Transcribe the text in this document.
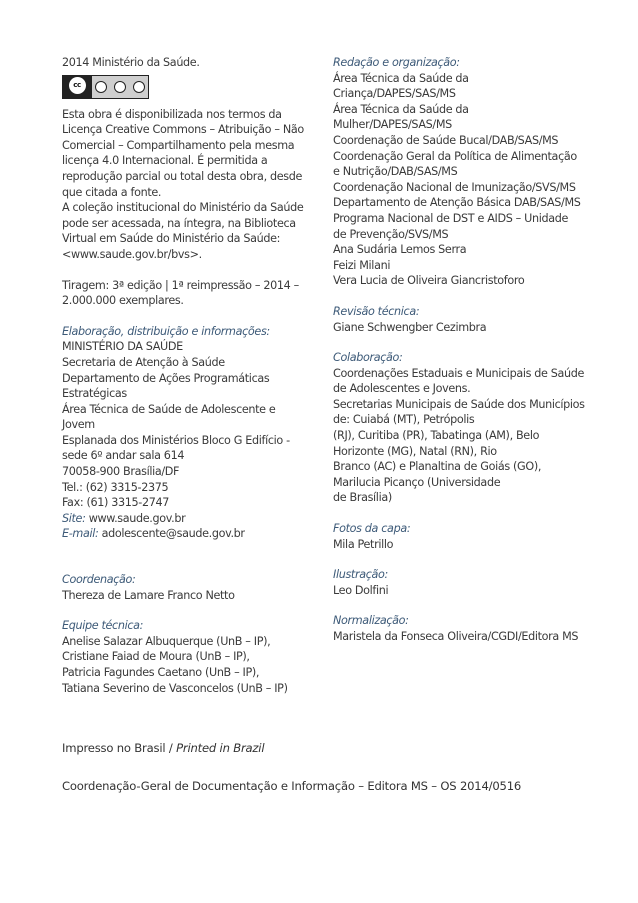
2014 Ministério da Saúde.
cc
Esta obra é disponibilizada nos termos da
Licença Creative Commons – Atribuição – Não
Comercial – Compartilhamento pela mesma
licença 4.0 Internacional. É permitida a
reprodução parcial ou total desta obra, desde
que citada a fonte.
A coleção institucional do Ministério da Saúde
pode ser acessada, na íntegra, na Biblioteca
Virtual em Saúde do Ministério da Saúde:
<www.saude.gov.br/bvs>.
Tiragem: 3ª edição | 1ª reimpressão – 2014 –
2.000.000 exemplares.
Elaboração, distribuição e informações:
MINISTÉRIO DA SAÚDE
Secretaria de Atenção à Saúde
Departamento de Ações Programáticas
Estratégicas
Área Técnica de Saúde de Adolescente e
Jovem
Esplanada dos Ministérios Bloco G Edifício -
sede 6º andar sala 614
70058-900 Brasília/DF
Tel.: (62) 3315-2375
Fax: (61) 3315-2747
Site: www.saude.gov.br
E-mail: adolescente@saude.gov.br
Coordenação:
Thereza de Lamare Franco Netto
Equipe técnica:
Anelise Salazar Albuquerque (UnB – IP),
Cristiane Faiad de Moura (UnB – IP),
Patricia Fagundes Caetano (UnB – IP),
Tatiana Severino de Vasconcelos (UnB – IP)
Redação e organização:
Área Técnica da Saúde da
Criança/DAPES/SAS/MS
Área Técnica da Saúde da
Mulher/DAPES/SAS/MS
Coordenação de Saúde Bucal/DAB/SAS/MS
Coordenação Geral da Política de Alimentação
e Nutrição/DAB/SAS/MS
Coordenação Nacional de Imunização/SVS/MS
Departamento de Atenção Básica DAB/SAS/MS
Programa Nacional de DST e AIDS – Unidade
de Prevenção/SVS/MS
Ana Sudária Lemos Serra
Feizi Milani
Vera Lucia de Oliveira Giancristoforo
Revisão técnica:
Giane Schwengber Cezimbra
Colaboração:
Coordenações Estaduais e Municipais de Saúde
de Adolescentes e Jovens.
Secretarias Municipais de Saúde dos Municípios
de: Cuiabá (MT), Petrópolis
(RJ), Curitiba (PR), Tabatinga (AM), Belo
Horizonte (MG), Natal (RN), Rio
Branco (AC) e Planaltina de Goiás (GO),
Marilucia Picanço (Universidade
de Brasília)
Fotos da capa:
Mila Petrillo
Ilustração:
Leo Dolfini
Normalização:
Maristela da Fonseca Oliveira/CGDI/Editora MS
Impresso no Brasil / Printed in Brazil
Coordenação-Geral de Documentação e Informação – Editora MS – OS 2014/0516
